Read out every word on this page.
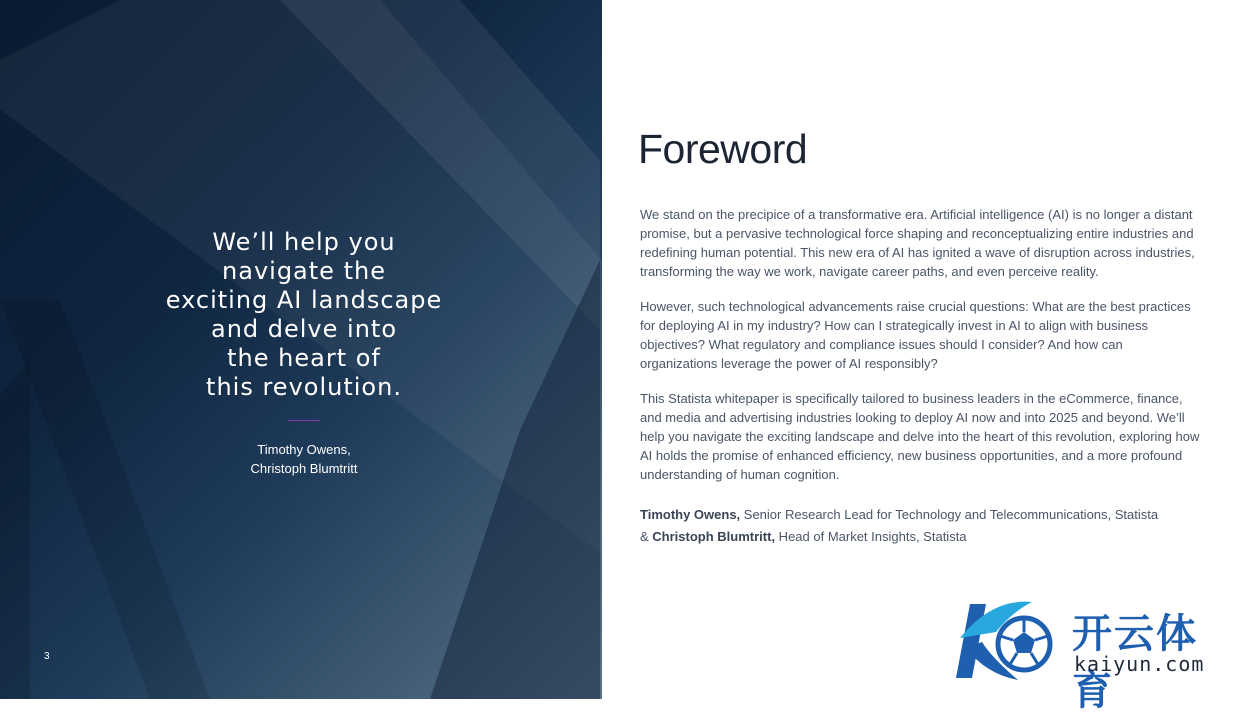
We’ll help you
navigate the
exciting AI landscape
and delve into
the heart of
this revolution.
Timothy Owens,
Christoph Blumtritt
3
Foreword

We stand on the precipice of a transformative era. Artificial intelligence (AI) is no longer a distant promise, but a pervasive technological force shaping and reconceptualizing entire industries and redefining human potential. This new era of AI has ignited a wave of disruption across industries, transforming the way we work, navigate career paths, and even perceive reality.

However, such technological advancements raise crucial questions: What are the best practices for deploying AI in my industry? How can I strategically invest in AI to align with business objectives? What regulatory and compliance issues should I consider? And how can organizations leverage the power of AI responsibly?

This Statista whitepaper is specifically tailored to business leaders in the eCommerce, finance, and media and advertising industries looking to deploy AI now and into 2025 and beyond. We’ll help you navigate the exciting landscape and delve into the heart of this revolution, exploring how AI holds the promise of enhanced efficiency, new business opportunities, and a more profound understanding of human cognition.

Timothy Owens, Senior Research Lead for Technology and Telecommunications, Statista
& Christoph Blumtritt, Head of Market Insights, Statista
开云体育
kaiyun.com
